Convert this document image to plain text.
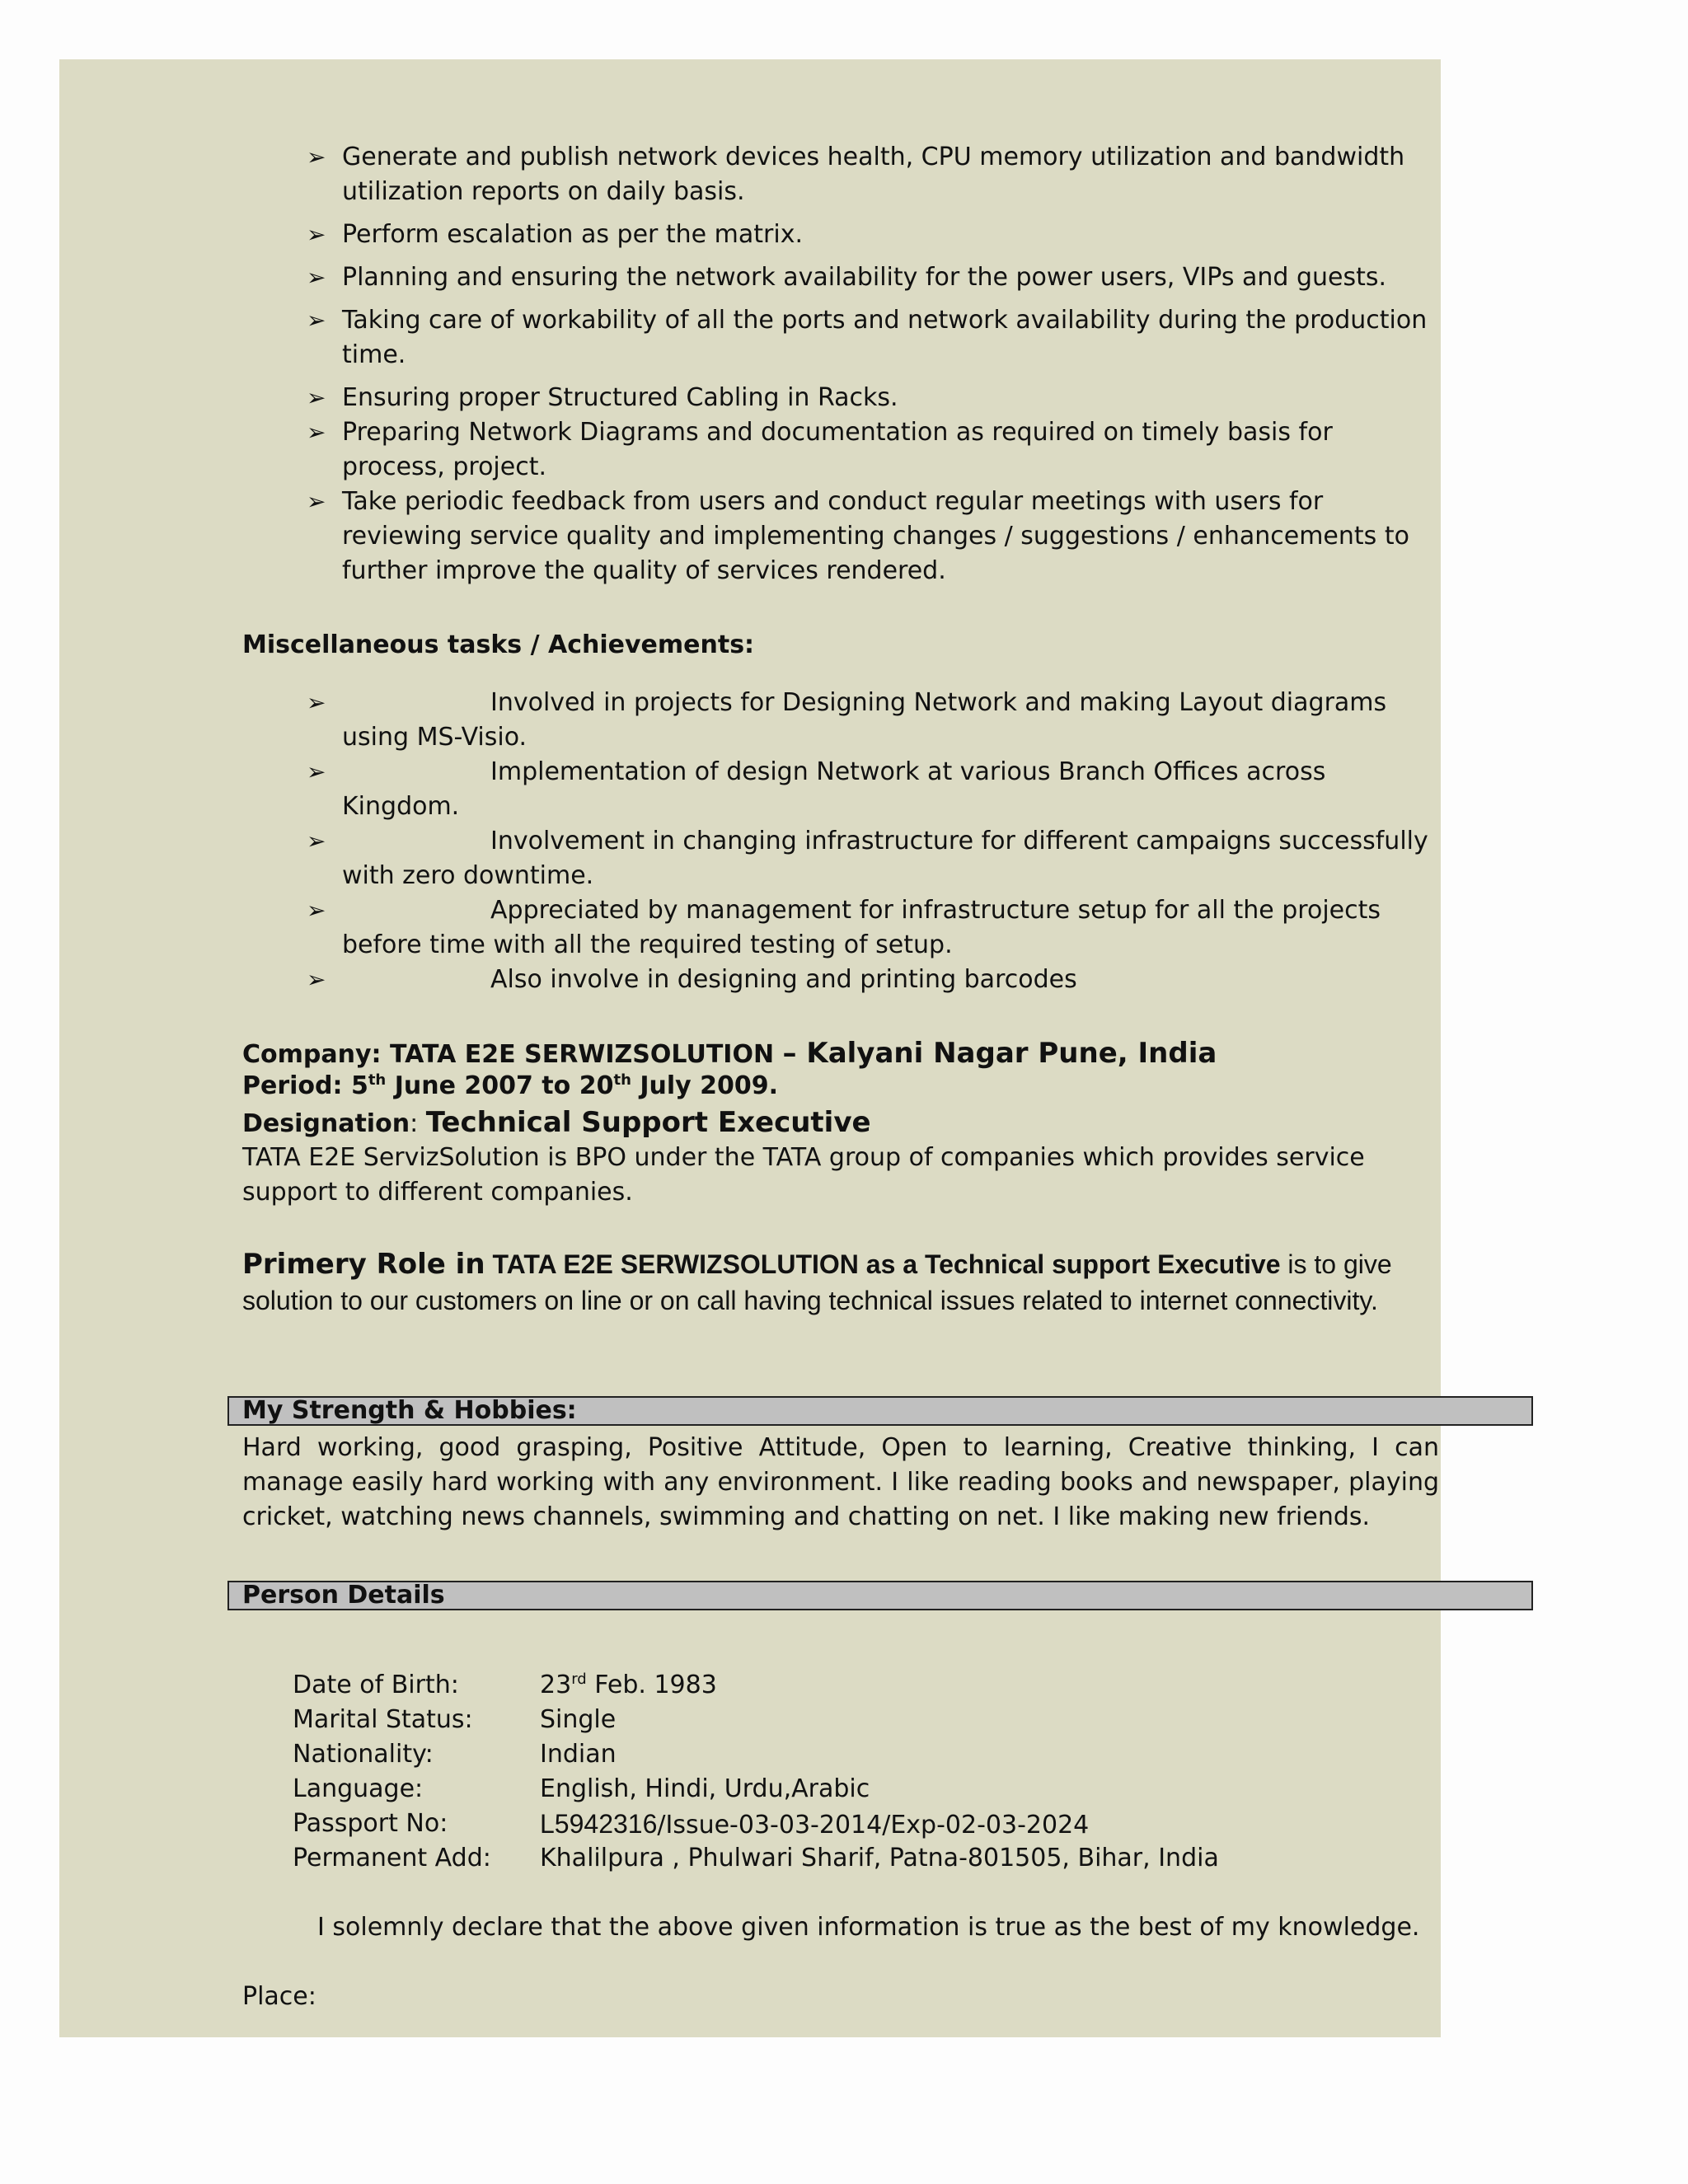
➢ Generate and publish network devices health, CPU memory utilization and bandwidth utilization reports on daily basis.
➢ Perform escalation as per the matrix.
➢ Planning and ensuring the network availability for the power users, VIPs and guests.
➢ Taking care of workability of all the ports and network availability during the production time.
➢ Ensuring proper Structured Cabling in Racks.
➢ Preparing Network Diagrams and documentation as required on timely basis for process, project.
➢ Take periodic feedback from users and conduct regular meetings with users for reviewing service quality and implementing changes / suggestions / enhancements to further improve the quality of services rendered.
Miscellaneous tasks / Achievements:
➢	Involved in projects for Designing Network and making Layout diagrams using MS-Visio.
➢	Implementation of design Network at various Branch Offices across Kingdom.
➢	Involvement in changing infrastructure for different campaigns successfully with zero downtime.
➢	Appreciated by management for infrastructure setup for all the projects before time with all the required testing of setup.
➢	Also involve in designing and printing barcodes
Company: TATA E2E SERWIZSOLUTION – Kalyani Nagar Pune, India
Period: 5th June 2007 to 20th July 2009.
Designation: Technical Support Executive
TATA E2E ServizSolution is BPO under the TATA group of companies which provides service support to different companies.
Primery Role in TATA E2E SERWIZSOLUTION as a Technical support Executive is to give solution to our customers on line or on call having technical issues related to internet connectivity.
My Strength & Hobbies:
Hard working, good grasping, Positive Attitude, Open to learning, Creative thinking, I can manage easily hard working with any environment. I like reading books and newspaper, playing cricket, watching news channels, swimming and chatting on net. I like making new friends.
Person Details
Date of Birth:	23rd Feb. 1983
Marital Status:	Single
Nationality:	Indian
Language:	English, Hindi, Urdu,Arabic
Passport No:	L5942316/Issue-03-03-2014/Exp-02-03-2024
Permanent Add: Khalilpura , Phulwari Sharif, Patna-801505, Bihar, India
I solemnly declare that the above given information is true as the best of my knowledge.
Place:
